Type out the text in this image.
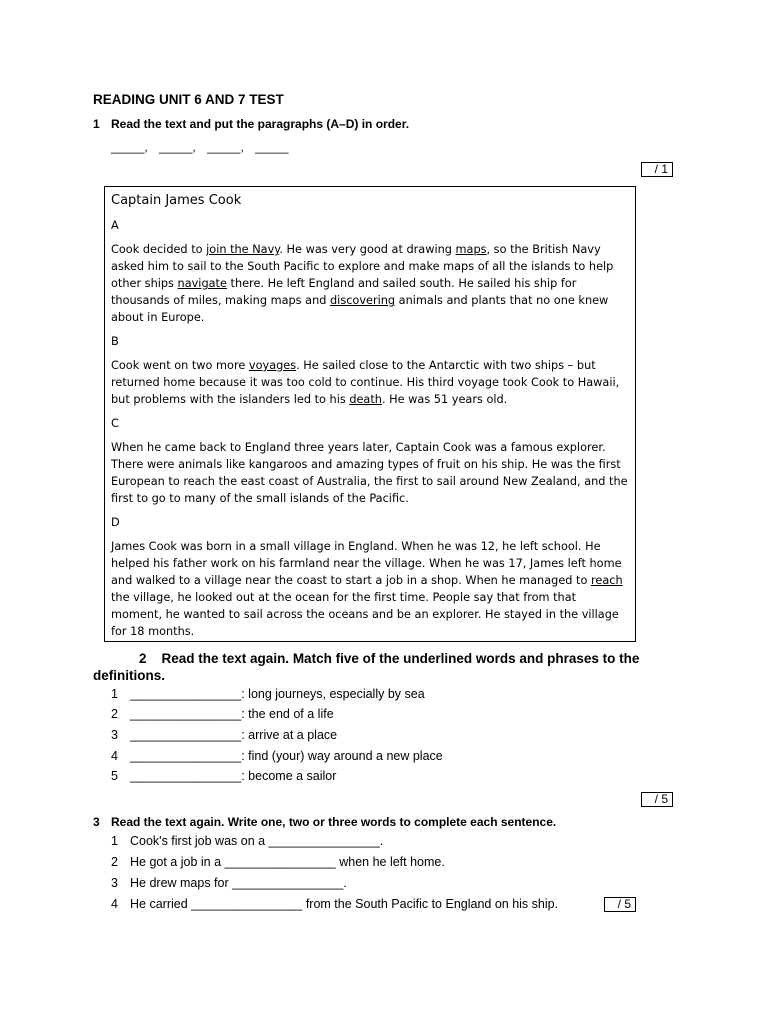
READING UNIT 6 AND 7 TEST
1 Read the text and put the paragraphs (A–D) in order.
_____, _____, _____, _____
/ 1
Captain James Cook
A
Cook decided to join the Navy. He was very good at drawing maps, so the British Navy asked him to sail to the South Pacific to explore and make maps of all the islands to help other ships navigate there. He left England and sailed south. He sailed his ship for thousands of miles, making maps and discovering animals and plants that no one knew about in Europe.
B
Cook went on two more voyages. He sailed close to the Antarctic with two ships – but returned home because it was too cold to continue. His third voyage took Cook to Hawaii, but problems with the islanders led to his death. He was 51 years old.
C
When he came back to England three years later, Captain Cook was a famous explorer. There were animals like kangaroos and amazing types of fruit on his ship. He was the first European to reach the east coast of Australia, the first to sail around New Zealand, and the first to go to many of the small islands of the Pacific.
D
James Cook was born in a small village in England. When he was 12, he left school. He helped his father work on his farmland near the village. When he was 17, James left home and walked to a village near the coast to start a job in a shop. When he managed to reach the village, he looked out at the ocean for the first time. People say that from that moment, he wanted to sail across the oceans and be an explorer. He stayed in the village for 18 months.
2 Read the text again. Match five of the underlined words and phrases to the definitions.
1 ________________: long journeys, especially by sea
2 ________________: the end of a life
3 ________________: arrive at a place
4 ________________: find (your) way around a new place
5 ________________: become a sailor
/ 5
3 Read the text again. Write one, two or three words to complete each sentence.
1 Cook's first job was on a ________________.
2 He got a job in a ________________ when he left home.
3 He drew maps for ________________.
4 He carried ________________ from the South Pacific to England on his ship.	/ 5
